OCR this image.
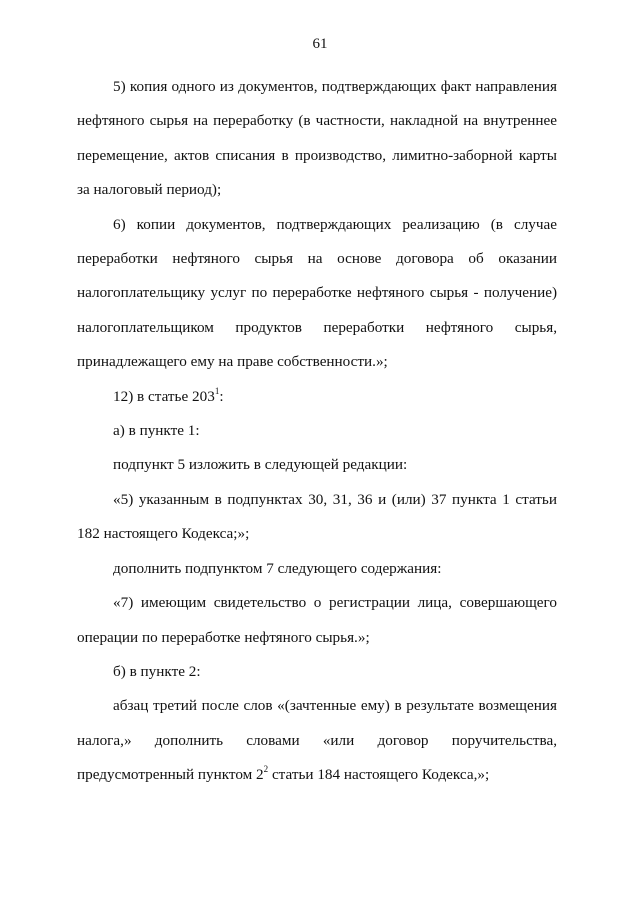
61

5) копия одного из документов, подтверждающих факт направления нефтяного сырья на переработку (в частности, накладной на внутреннее перемещение, актов списания в производство, лимитно-заборной карты за налоговый период);

6) копии документов, подтверждающих реализацию (в случае переработки нефтяного сырья на основе договора об оказании налогоплательщику услуг по переработке нефтяного сырья - получение) налогоплательщиком продуктов переработки нефтяного сырья, принадлежащего ему на праве собственности.»;

12) в статье $203^1$:

а) в пункте 1:

подпункт 5 изложить в следующей редакции:

«5) указанным в подпунктах 30, 31, 36 и (или) 37 пункта 1 статьи 182 настоящего Кодекса;»;

дополнить подпунктом 7 следующего содержания:

«7) имеющим свидетельство о регистрации лица, совершающего операции по переработке нефтяного сырья.»;

б) в пункте 2:

абзац третий после слов «(зачтенные ему) в результате возмещения налога,» дополнить словами «или договор поручительства, предусмотренный пунктом $2^2$ статьи 184 настоящего Кодекса,»;
